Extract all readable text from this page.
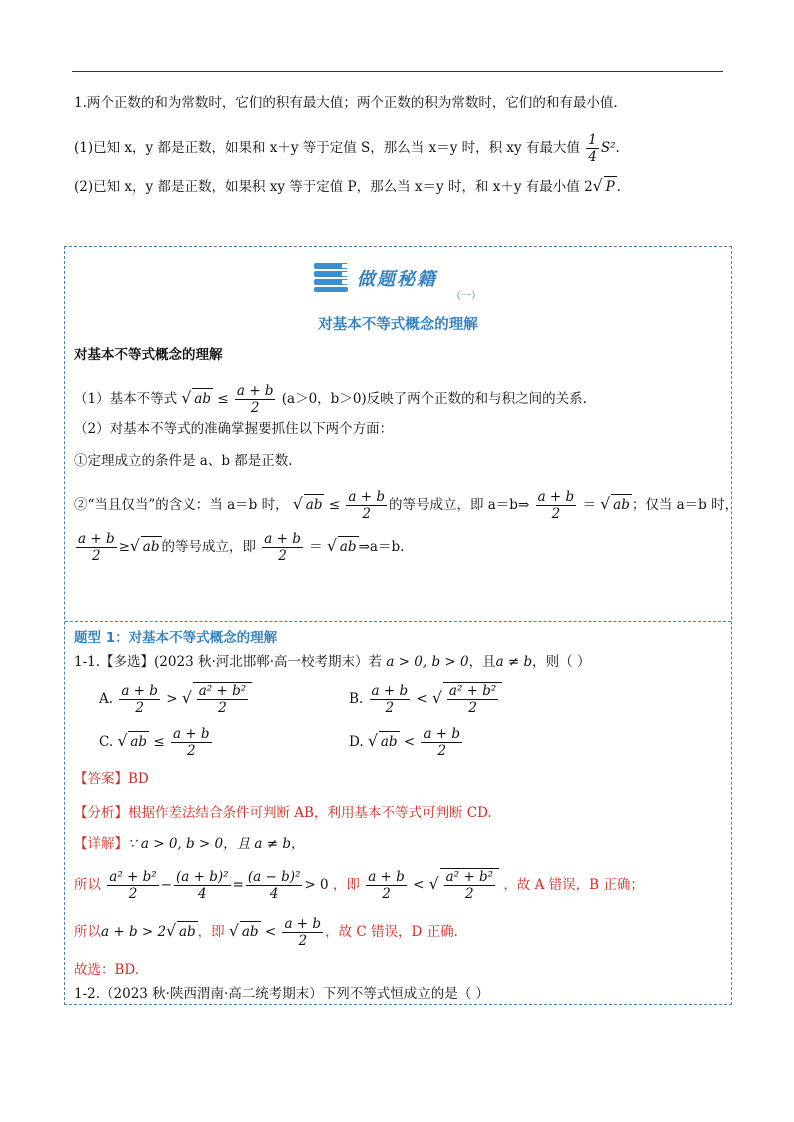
1.两个正数的和为常数时，它们的积有最大值；两个正数的积为常数时，它们的和有最小值.
(1)已知 x，y 都是正数，如果和 x＋y 等于定值 S，那么当 x＝y 时，积 xy 有最大值 $\frac{1}{4} S^2$.
(2)已知 x，y 都是正数，如果积 xy 等于定值 P，那么当 x＝y 时，和 x＋y 有最小值 2√ P .
做题秘籍
（一）
对基本不等式概念的理解
对基本不等式概念的理解
（1）基本不等式 √ ab ≤ $\frac{a + b}{2} (a>0$，b＞0)反映了两个正数的和与积之间的关系.
（2）对基本不等式的准确掌握要抓住以下两个方面：
①定理成立的条件是 a、b 都是正数.
②“当且仅当”的含义：当 a＝b 时， √ ab ≤ $\frac{a + b}{2}$ 的等号成立，即 a＝b⇒ $\frac{a + b}{2}$ ＝ √ ab ；仅当 a＝b 时，
$\frac{a + b}{2}$ ≥√ ab 的等号成立，即 $\frac{a + b}{2}$ ＝ √ ab ⇒a＝b.
题型 1：对基本不等式概念的理解
1-1.【多选】(2023 秋·河北邯郸·高一校考期末）若 a > 0, b > 0，且a ≠ b，则（ ）
A. $\frac{a + b}{2}$ > √ $\frac{\text{a² + b²}}{2}$	B. $\frac{a + b}{2}$ < √ $\frac{\text{a² + b²}}{2}$
C. √ ab ≤ $\frac{a + b}{2}$	D. √ ab < $\frac{a + b}{2}$
【答案】BD
【分析】根据作差法结合条件可判断 AB，利用基本不等式可判断 CD.
【详解】∵ a > 0, b > 0，且 a ≠ b，
所以 $\frac{\text{a² + b²}}{2} - \frac{\text{(a + b)²}}{4} = \frac{\text{(a − b)²}}{4} > 0$ ，即 $\frac{a + b}{2}$ < √ $\frac{\text{a² + b²}}{2}$ ，故 A 错误，B 正确；
所以a + b > 2√ ab ，即 √ ab < $\frac{a + b}{2}$ ，故 C 错误，D 正确.
故选：BD.
1-2.（2023 秋·陕西渭南·高二统考期末）下列不等式恒成立的是（ ）
